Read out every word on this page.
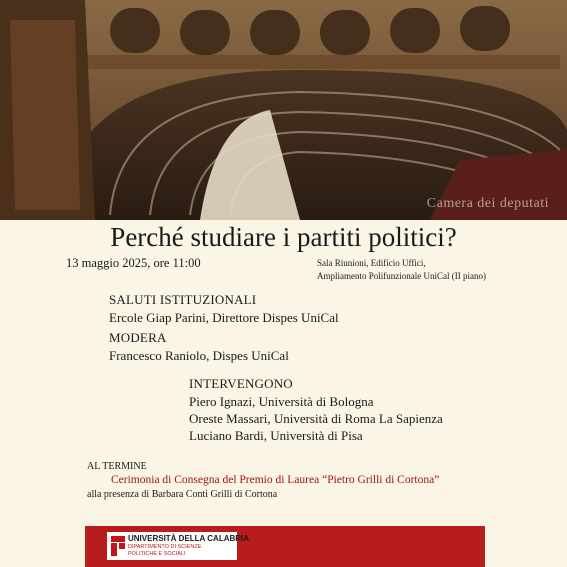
Camera dei deputati
Perché studiare i partiti politici?
13 maggio 2025, ore 11:00	Sala Riunioni, Edificio Uffici,
Ampliamento Polifunzionale UniCal (II piano)
SALUTI ISTITUZIONALI
Ercole Giap Parini, Direttore Dispes UniCal
MODERA
Francesco Raniolo, Dispes UniCal
INTERVENGONO
Piero Ignazi, Università di Bologna
Oreste Massari, Università di Roma La Sapienza
Luciano Bardi, Università di Pisa
AL TERMINE
Cerimonia di Consegna del Premio di Laurea “Pietro Grilli di Cortona”
alla presenza di Barbara Conti Grilli di Cortona
UNIVERSITÀ DELLA CALABRIA
DIPARTIMENTO DI SCIENZE
POLITICHE E SOCIALI
